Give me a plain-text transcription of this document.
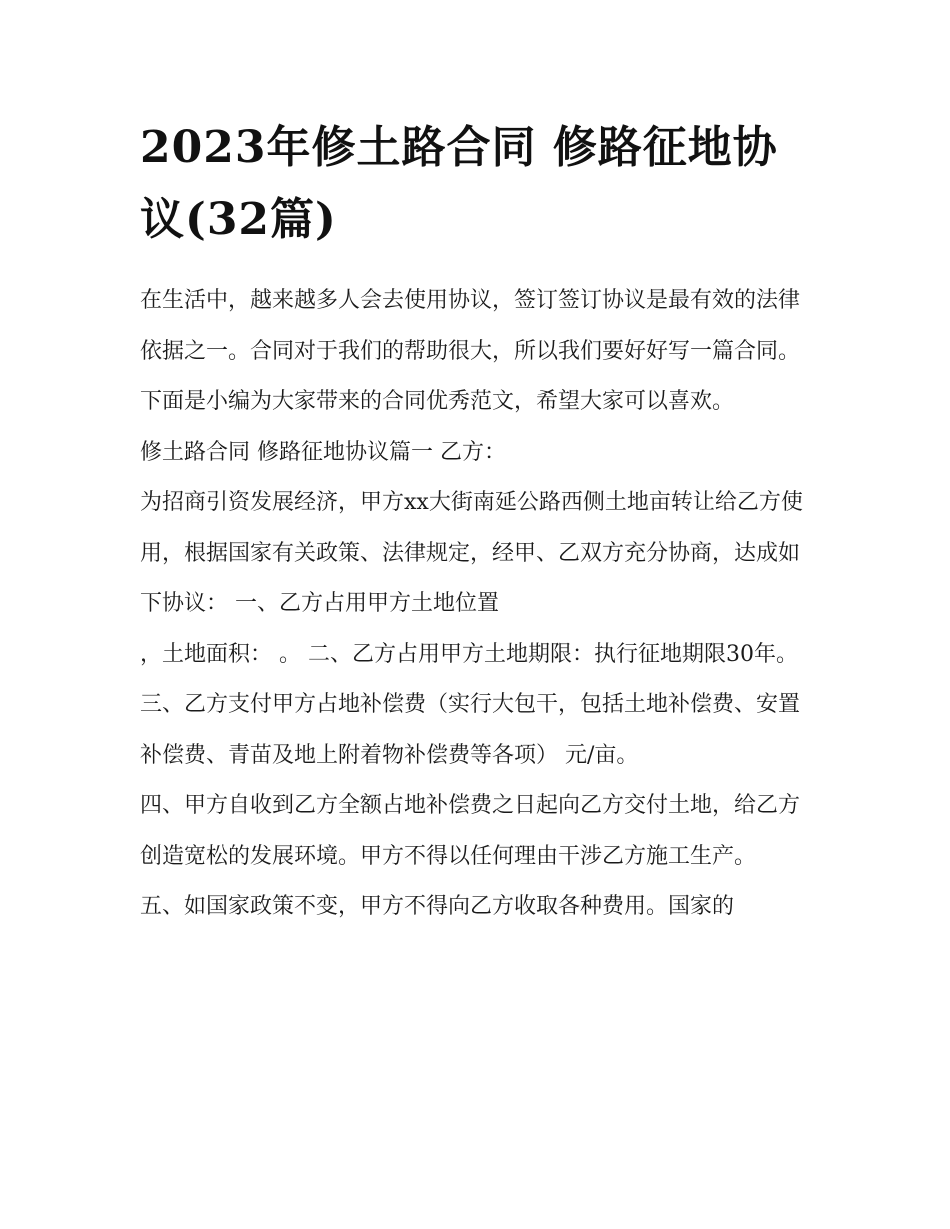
2023年修土路合同 修路征地协议(32篇)

在生活中，越来越多人会去使用协议，签订签订协议是最有效的法律依据之一。合同对于我们的帮助很大，所以我们要好好写一篇合同。下面是小编为大家带来的合同优秀范文，希望大家可以喜欢。

修土路合同 修路征地协议篇一 乙方：

为招商引资发展经济，甲方xx大街南延公路西侧土地亩转让给乙方使用，根据国家有关政策、法律规定，经甲、乙双方充分协商，达成如下协议： 一、乙方占用甲方土地位置

，土地面积： 。 二、乙方占用甲方土地期限：执行征地期限30年。

三、乙方支付甲方占地补偿费（实行大包干，包括土地补偿费、安置补偿费、青苗及地上附着物补偿费等各项） 元/亩。

四、甲方自收到乙方全额占地补偿费之日起向乙方交付土地，给乙方创造宽松的发展环境。甲方不得以任何理由干涉乙方施工生产。

五、如国家政策不变，甲方不得向乙方收取各种费用。国家的
